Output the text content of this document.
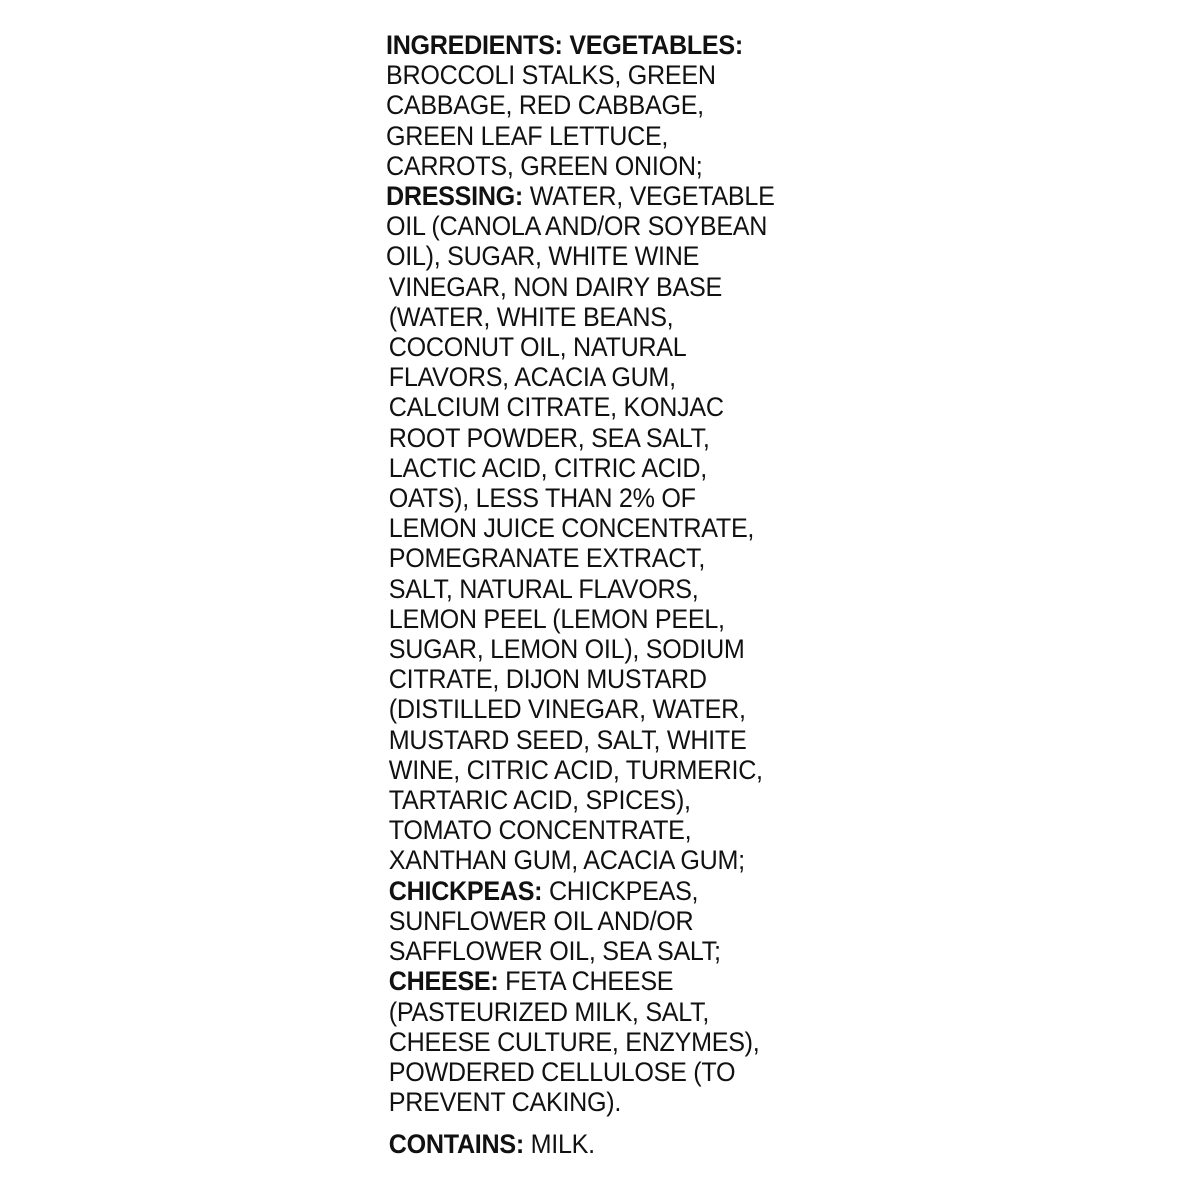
INGREDIENTS: VEGETABLES:
BROCCOLI STALKS, GREEN
CABBAGE, RED CABBAGE,
GREEN LEAF LETTUCE,
CARROTS, GREEN ONION;
DRESSING: WATER, VEGETABLE
OIL (CANOLA AND/OR SOYBEAN
OIL), SUGAR, WHITE WINE
VINEGAR, NON DAIRY BASE
(WATER, WHITE BEANS,
COCONUT OIL, NATURAL
FLAVORS, ACACIA GUM,
CALCIUM CITRATE, KONJAC
ROOT POWDER, SEA SALT,
LACTIC ACID, CITRIC ACID,
OATS), LESS THAN 2% OF
LEMON JUICE CONCENTRATE,
POMEGRANATE EXTRACT,
SALT, NATURAL FLAVORS,
LEMON PEEL (LEMON PEEL,
SUGAR, LEMON OIL), SODIUM
CITRATE, DIJON MUSTARD
(DISTILLED VINEGAR, WATER,
MUSTARD SEED, SALT, WHITE
WINE, CITRIC ACID, TURMERIC,
TARTARIC ACID, SPICES),
TOMATO CONCENTRATE,
XANTHAN GUM, ACACIA GUM;
CHICKPEAS: CHICKPEAS,
SUNFLOWER OIL AND/OR
SAFFLOWER OIL, SEA SALT;
CHEESE: FETA CHEESE
(PASTEURIZED MILK, SALT,
CHEESE CULTURE, ENZYMES),
POWDERED CELLULOSE (TO
PREVENT CAKING).
CONTAINS: MILK.
